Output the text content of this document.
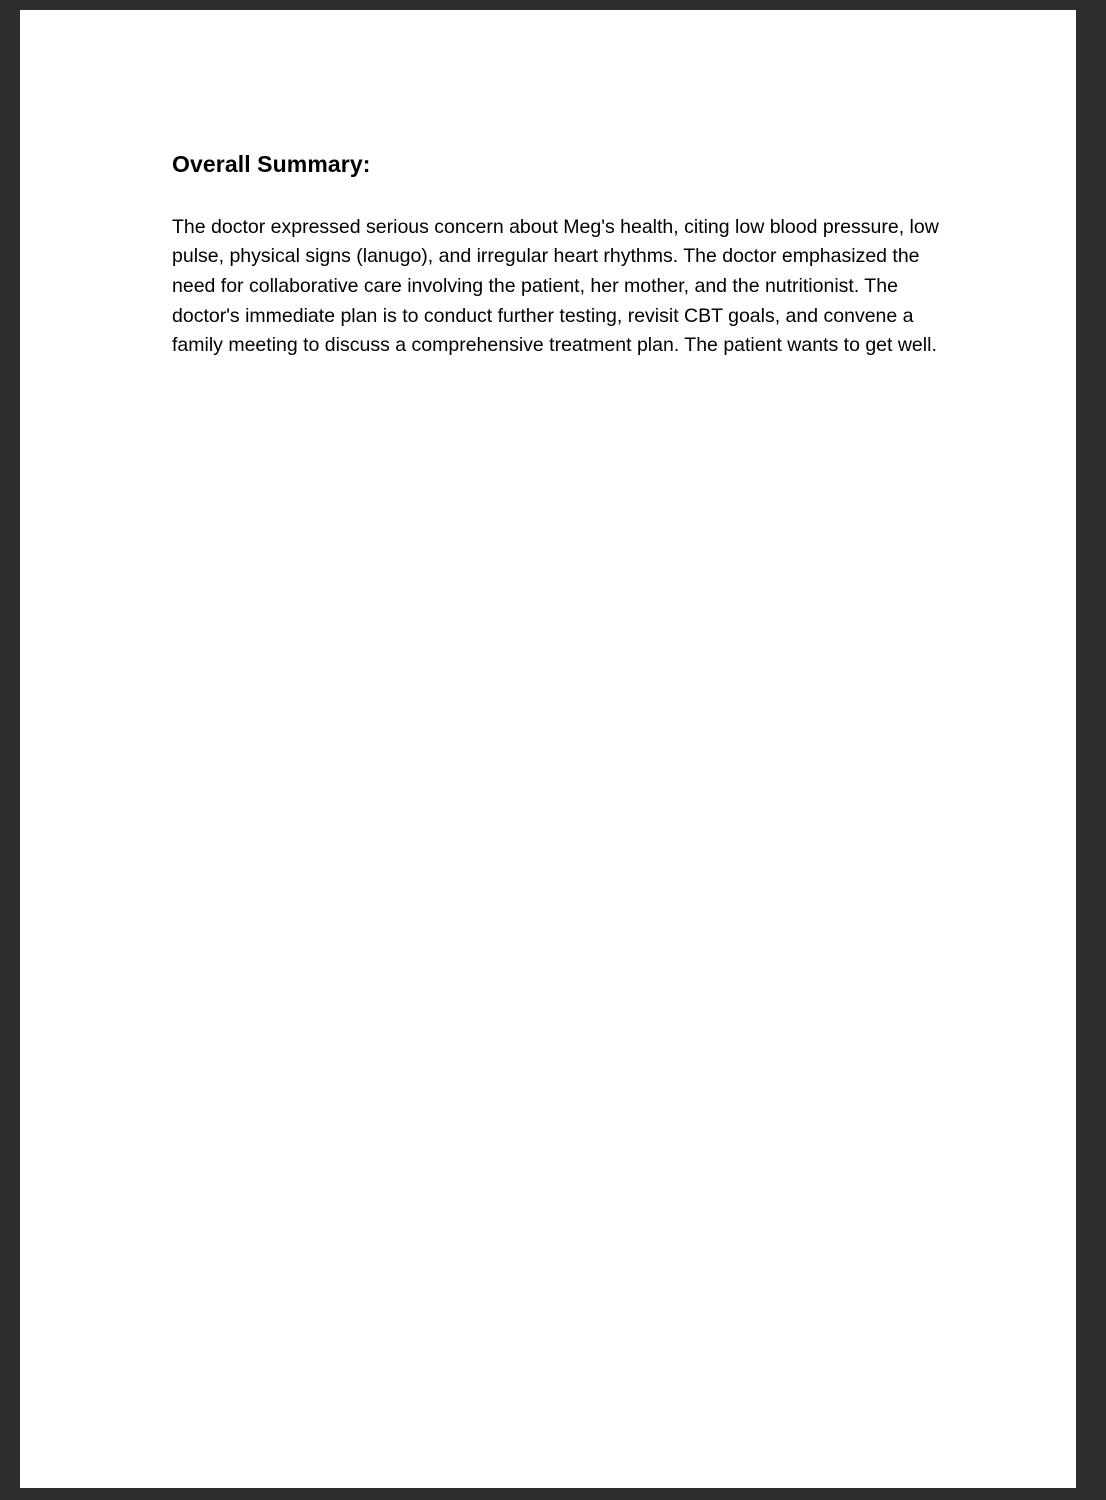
Overall Summary:

The doctor expressed serious concern about Meg's health, citing low blood pressure, low pulse, physical signs (lanugo), and irregular heart rhythms. The doctor emphasized the need for collaborative care involving the patient, her mother, and the nutritionist. The doctor's immediate plan is to conduct further testing, revisit CBT goals, and convene a family meeting to discuss a comprehensive treatment plan. The patient wants to get well.
